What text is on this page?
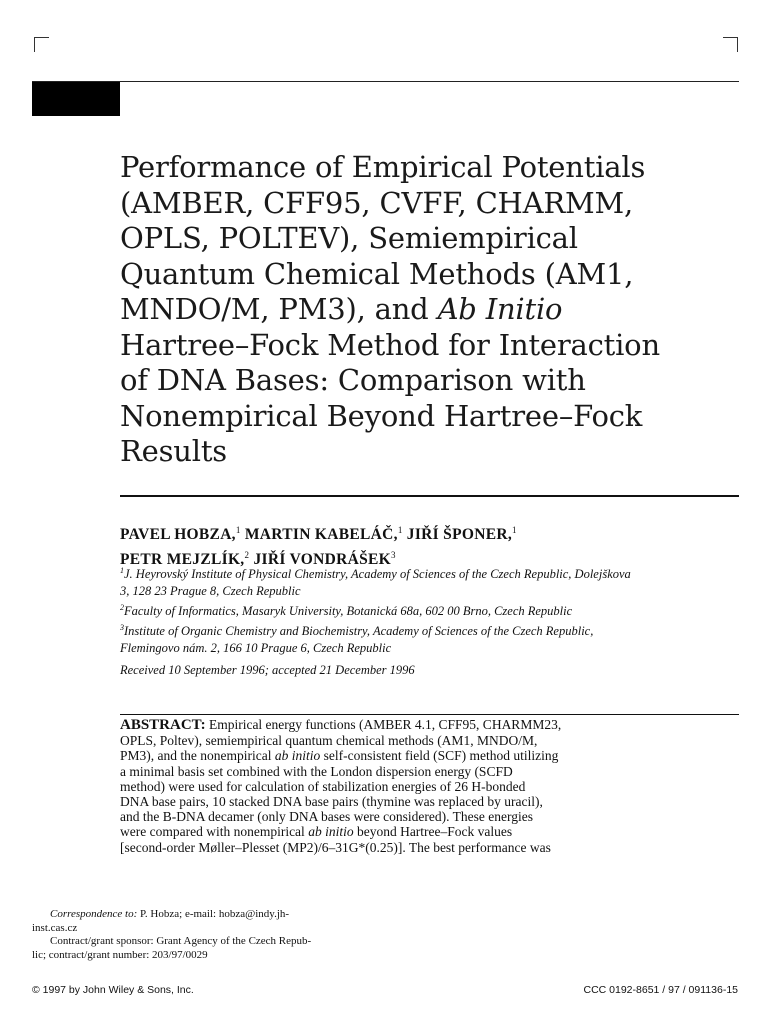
Performance of Empirical Potentials
(AMBER, CFF95, CVFF, CHARMM,
OPLS, POLTEV), Semiempirical
Quantum Chemical Methods (AM1,
MNDO/M, PM3), and Ab Initio
Hartree–Fock Method for Interaction
of DNA Bases: Comparison with
Nonempirical Beyond Hartree–Fock
Results
PAVEL HOBZA,$^1$ MARTIN KABELÁČ,$^1$ JIŘÍ ŠPONER,$^1$
PETR MEJZLÍK,$^2$ JIŘÍ VONDRÁŠEK$^3$
$^1$J. Heyrovský Institute of Physical Chemistry, Academy of Sciences of the Czech Republic, Dolejškova
3, 128 23 Prague 8, Czech Republic
$^2$Faculty of Informatics, Masaryk University, Botanická 68a, 602 00 Brno, Czech Republic
$^3$Institute of Organic Chemistry and Biochemistry, Academy of Sciences of the Czech Republic,
Flemingovo nám. 2, 166 10 Prague 6, Czech Republic
Received 10 September 1996; accepted 21 December 1996
ABSTRACT: Empirical energy functions (AMBER 4.1, CFF95, CHARMM23,
OPLS, Poltev), semiempirical quantum chemical methods (AM1, MNDO/M,
PM3), and the nonempirical ab initio self-consistent field (SCF) method utilizing
a minimal basis set combined with the London dispersion energy (SCFD
method) were used for calculation of stabilization energies of 26 H-bonded
DNA base pairs, 10 stacked DNA base pairs (thymine was replaced by uracil),
and the B-DNA decamer (only DNA bases were considered). These energies
were compared with nonempirical ab initio beyond Hartree–Fock values
[second-order Møller–Plesset (MP2)/6–31G*(0.25)]. The best performance was
Correspondence to: P. Hobza; e-mail: hobza@indy.jh-
inst.cas.cz
Contract/grant sponsor: Grant Agency of the Czech Repub-
lic; contract/grant number: 203/97/0029
© 1997 by John Wiley & Sons, Inc.	CCC 0192-8651 / 97 / 091136-15
